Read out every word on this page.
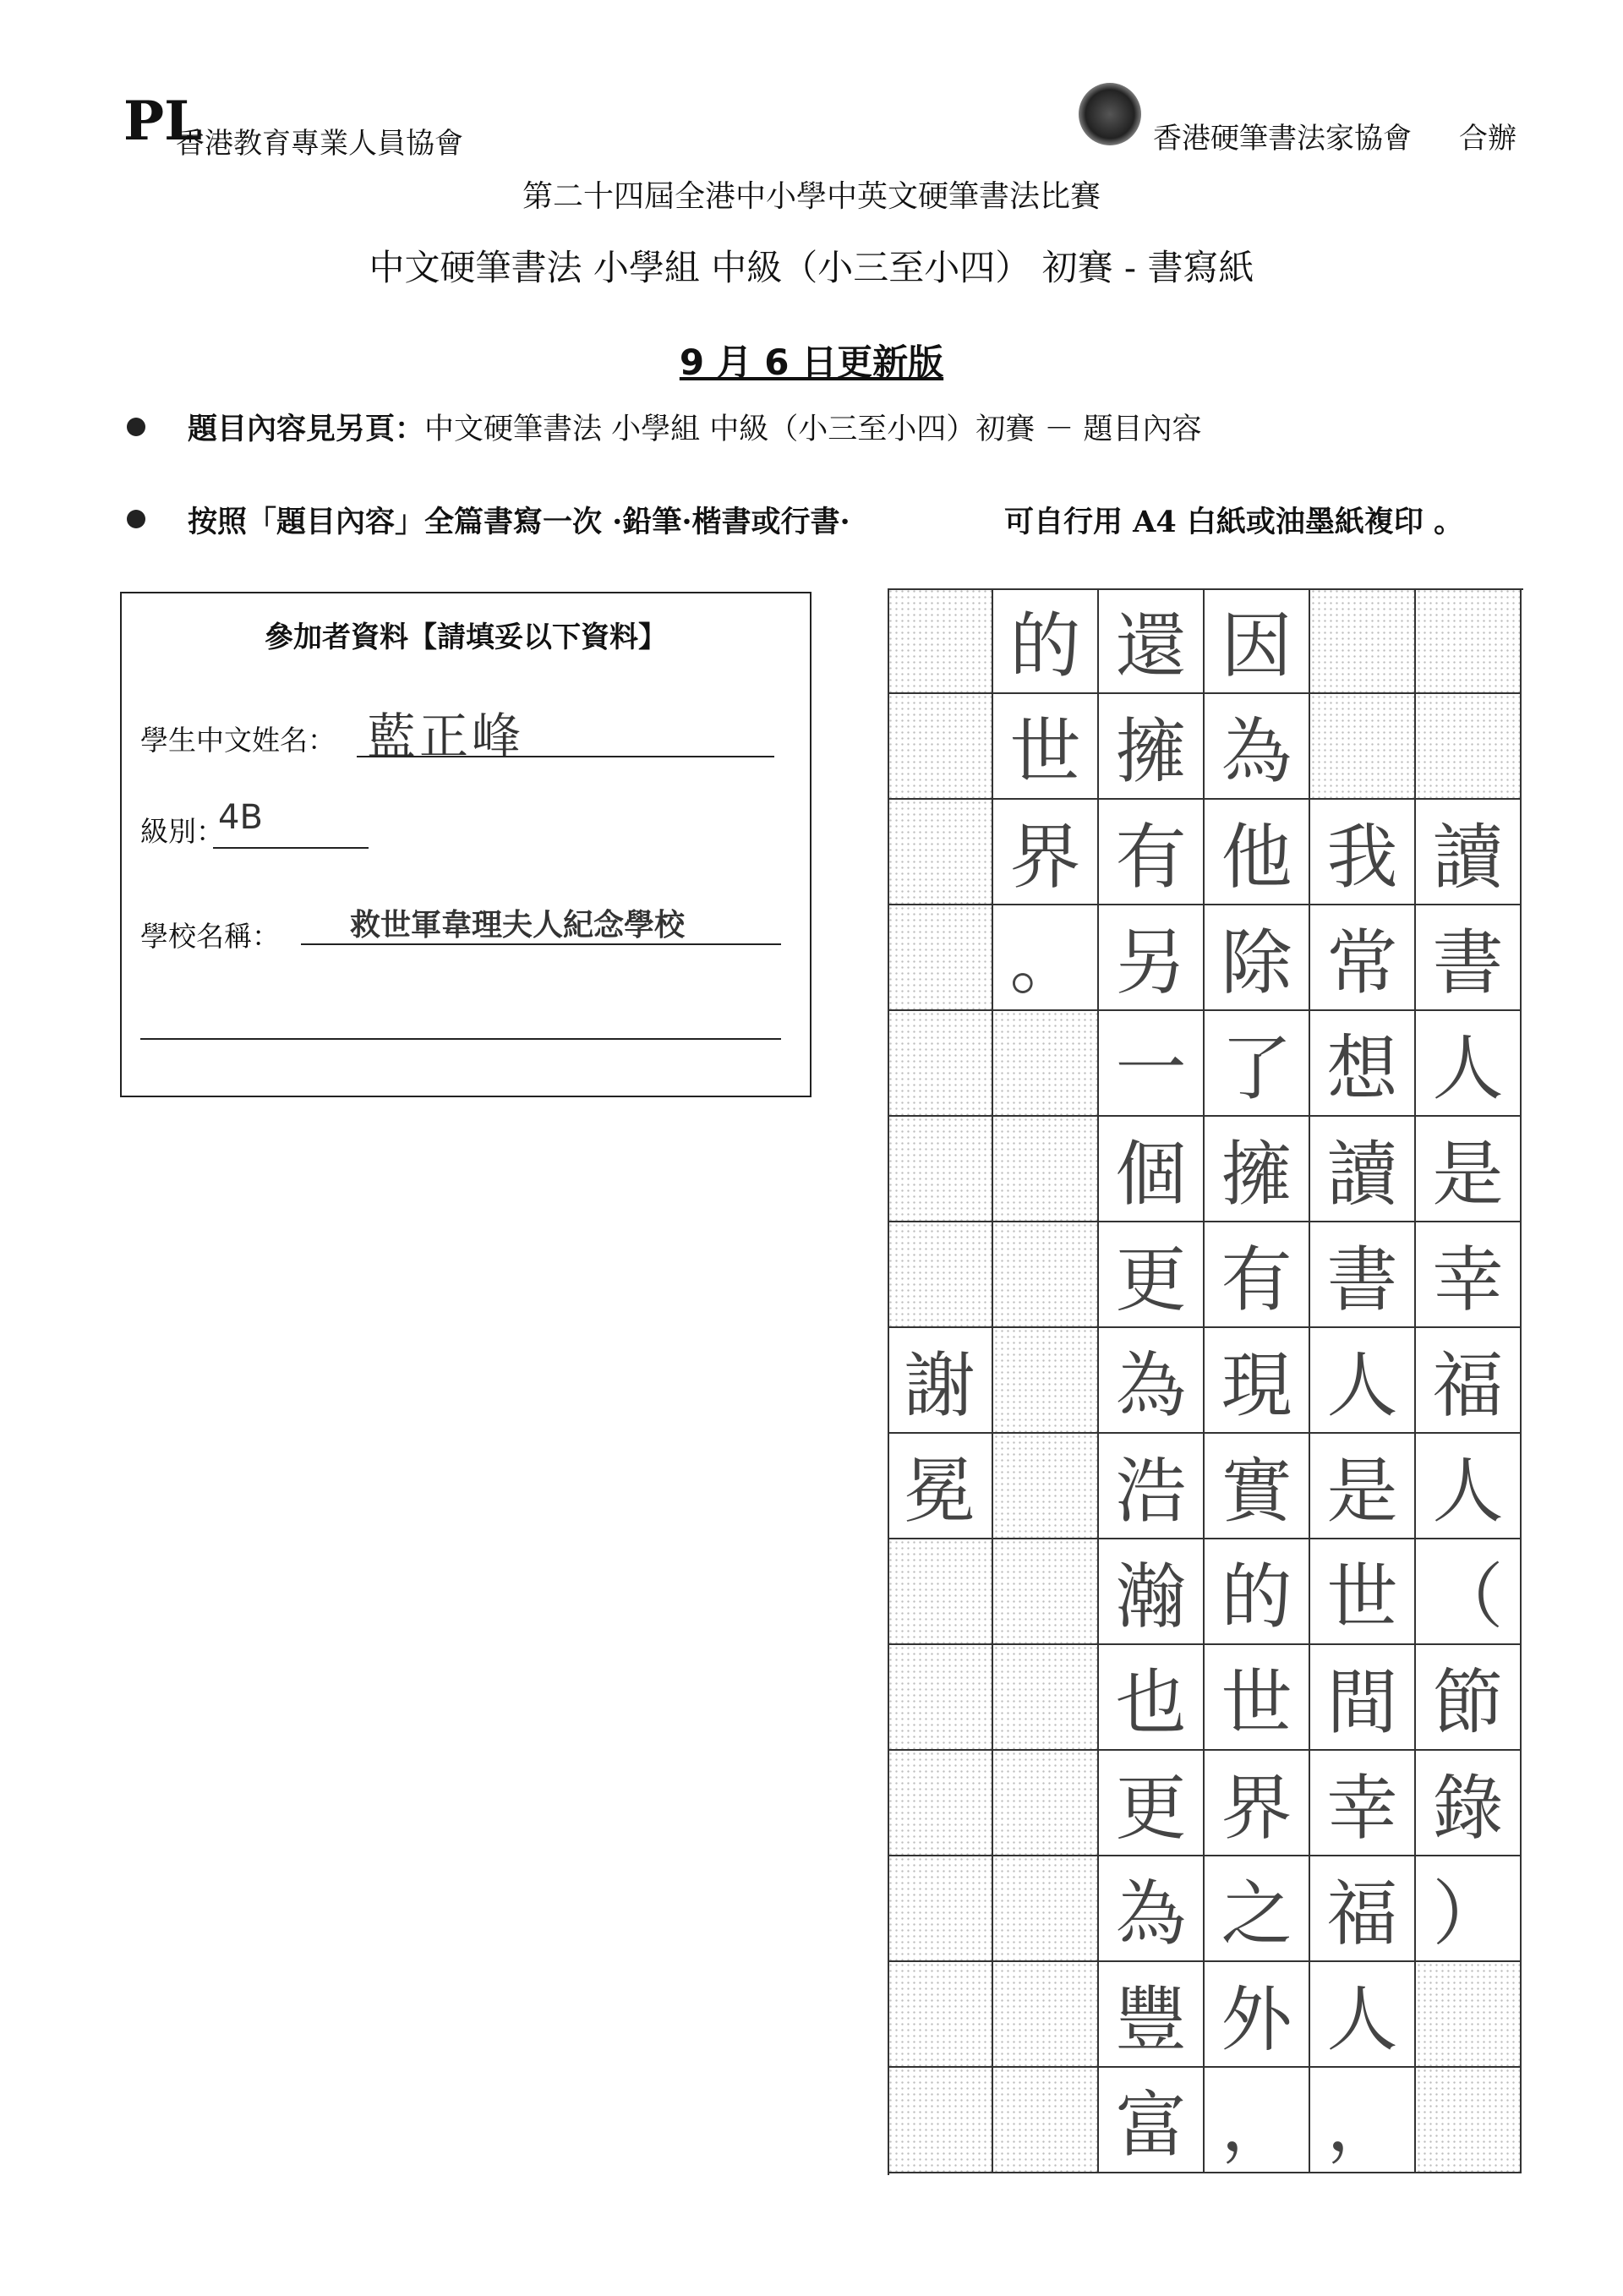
PL
香港教育專業人員協會	香港硬筆書法家協會 合辦
第二十四屆全港中小學中英文硬筆書法比賽
中文硬筆書法 小學組 中級（小三至小四） 初賽 - 書寫紙
9 月 6 日更新版
題目內容見另頁：中文硬筆書法 小學組 中級（小三至小四）初賽 － 題目內容
按照「題目內容」全篇書寫一次 ·鉛筆·楷書或行書·	可自行用 A4 白紙或油墨紙複印 。
參加者資料【請填妥以下資料】
學生中文姓名： 藍正峰
級別：
4B
學校名稱： 救世軍韋理夫人紀念學校
讀
書
人
是
幸
福
人
（
節
錄
）
我
常
想
讀
書
人
是
世
間
幸
福
人
，
因
為
他
除
了
擁
有
現
實
的
世
界
之
外
，
還
擁
有
另
一
個
更
為
浩
瀚
也
更
為
豐
富
的
世
界
。
謝
冕
